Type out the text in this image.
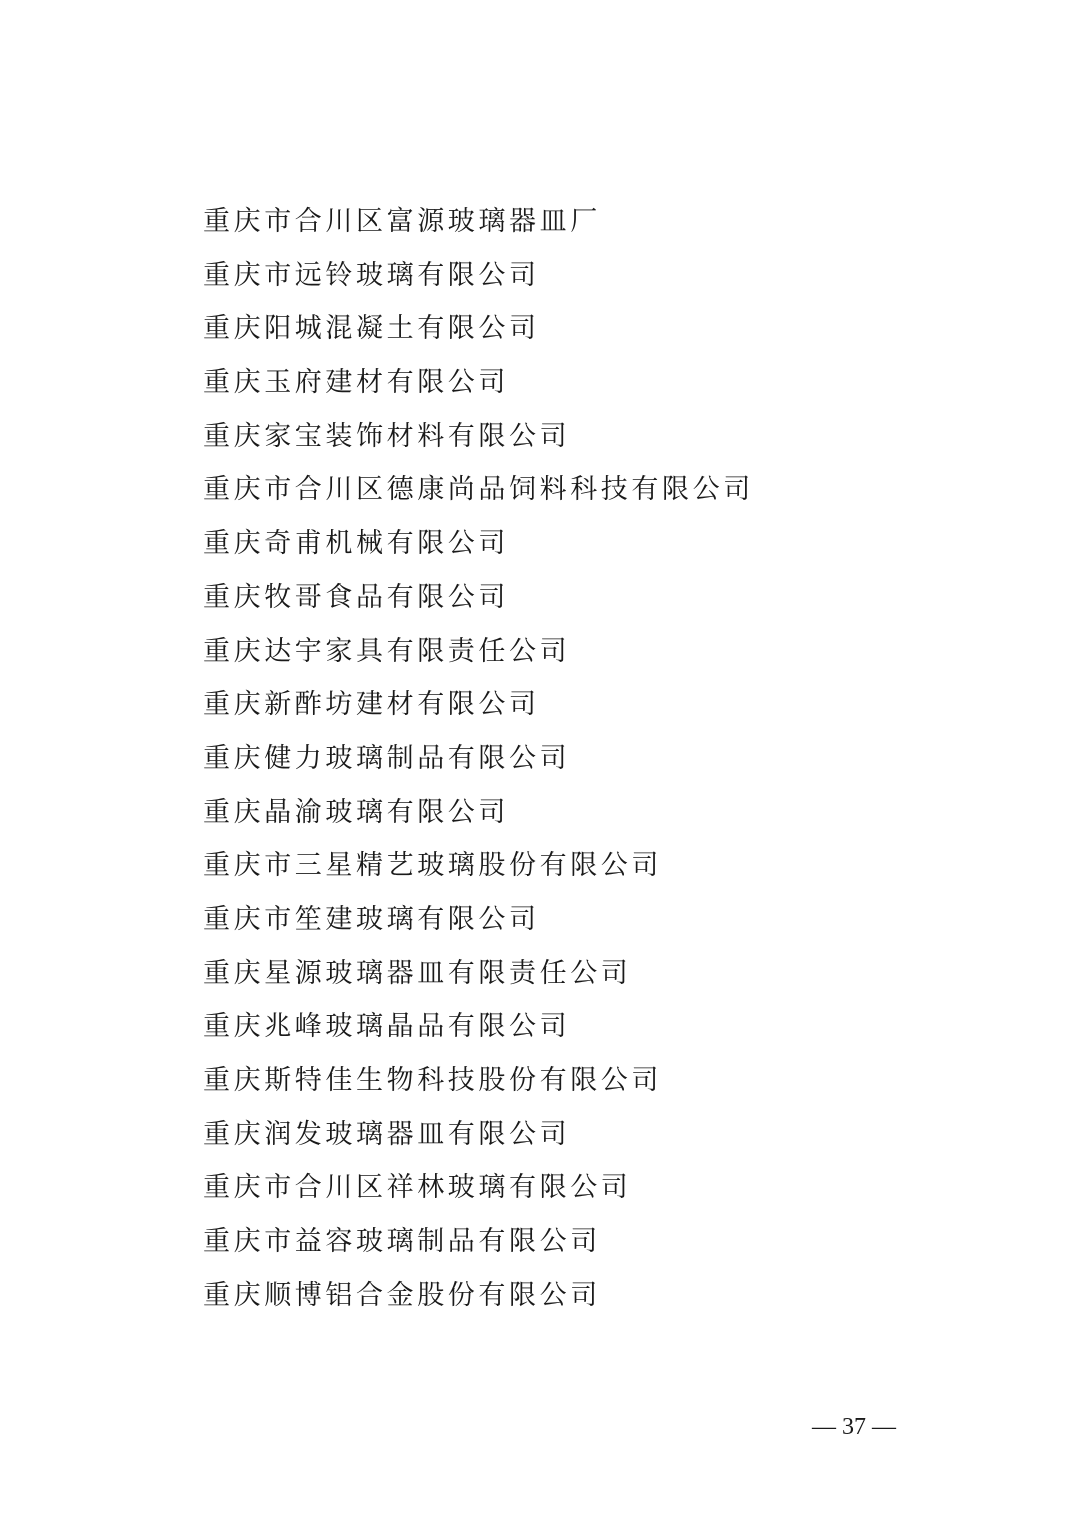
重庆市合川区富源玻璃器皿厂
重庆市远铃玻璃有限公司
重庆阳城混凝土有限公司
重庆玉府建材有限公司
重庆家宝装饰材料有限公司
重庆市合川区德康尚品饲料科技有限公司
重庆奇甫机械有限公司
重庆牧哥食品有限公司
重庆达宇家具有限责任公司
重庆新酢坊建材有限公司
重庆健力玻璃制品有限公司
重庆晶渝玻璃有限公司
重庆市三星精艺玻璃股份有限公司
重庆市笙建玻璃有限公司
重庆星源玻璃器皿有限责任公司
重庆兆峰玻璃晶品有限公司
重庆斯特佳生物科技股份有限公司
重庆润发玻璃器皿有限公司
重庆市合川区祥林玻璃有限公司
重庆市益容玻璃制品有限公司
重庆顺博铝合金股份有限公司
— 37 —
